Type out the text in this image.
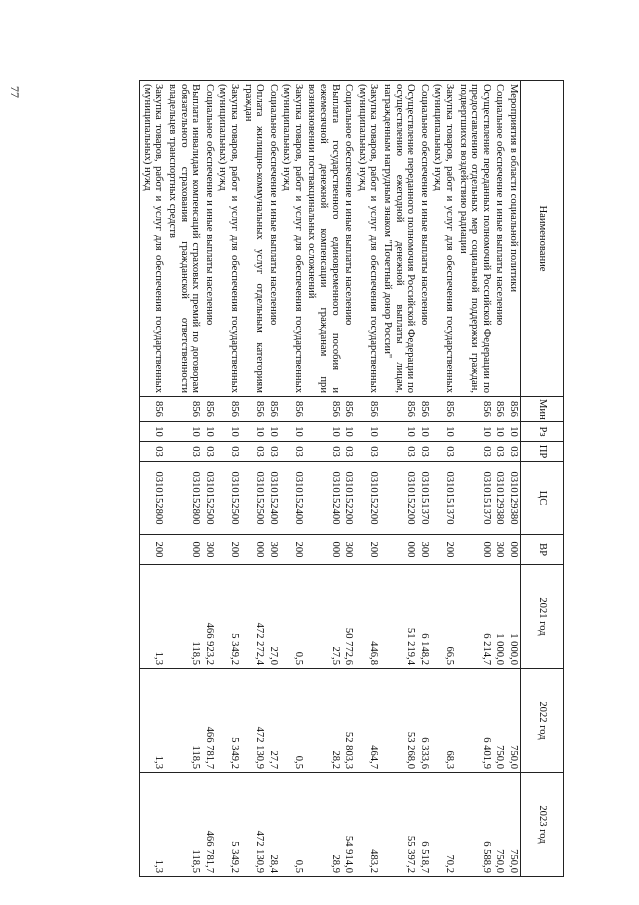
77
Наименование	Мин	Рз	ПР	ЦС	ВР	2021 год	2022 год	2023 год
Мероприятия в области социальной политики	856	10	03	0310129380	000	1 000,0	750,0	750,0
Социальное обеспечение и иные выплаты населению	856	10	03	0310129380	300	1 000,0	750,0	750,0
Осуществление переданных полномочий Российской Федерации по предоставлению отдельных мер социальной поддержки граждан, подвергшихся воздействию радиации	856	10	03	0310151370	000	6 214,7	6 401,9	6 588,9
Закупка товаров, работ и услуг для обеспечения государственных (муниципальных) нужд	856	10	03	0310151370	200	66,5	68,3	70,2
Социальное обеспечение и иные выплаты населению	856	10	03	0310151370	300	6 148,2	6 333,6	6 518,7
Осуществление переданного полномочия Российской Федерации по осуществлению ежегодной денежной выплаты лицам, награжденным нагрудным знаком "Почетный донор России"	856	10	03	0310152200	000	51 219,4	53 268,0	55 397,2
Закупка товаров, работ и услуг для обеспечения государственных (муниципальных) нужд	856	10	03	0310152200	200	446,8	464,7	483,2
Социальное обеспечение и иные выплаты населению	856	10	03	0310152200	300	50 772,6	52 803,3	54 914,0
Выплата государственного единовременного пособия и ежемесячной денежной компенсации гражданам при возникновении поствакцинальных осложнений	856	10	03	0310152400	000	27,5	28,2	28,9
Закупка товаров, работ и услуг для обеспечения государственных (муниципальных) нужд	856	10	03	0310152400	200	0,5	0,5	0,5
Социальное обеспечение и иные выплаты населению	856	10	03	0310152400	300	27,0	27,7	28,4
Оплата жилищно-коммунальных услуг отдельным категориям граждан	856	10	03	0310152500	000	472 272,4	472 130,9	472 130,9
Закупка товаров, работ и услуг для обеспечения государственных (муниципальных) нужд	856	10	03	0310152500	200	5 349,2	5 349,2	5 349,2
Социальное обеспечение и иные выплаты населению	856	10	03	0310152500	300	466 923,2	466 781,7	466 781,7
Выплата инвалидам компенсаций страховых премий по договорам обязательного страхования гражданской ответственности владельцев транспортных средств	856	10	03	0310152800	000	118,5	118,5	118,5
Закупка товаров, работ и услуг для обеспечения государственных (муниципальных) нужд	856	10	03	0310152800	200	1,3	1,3	1,3
